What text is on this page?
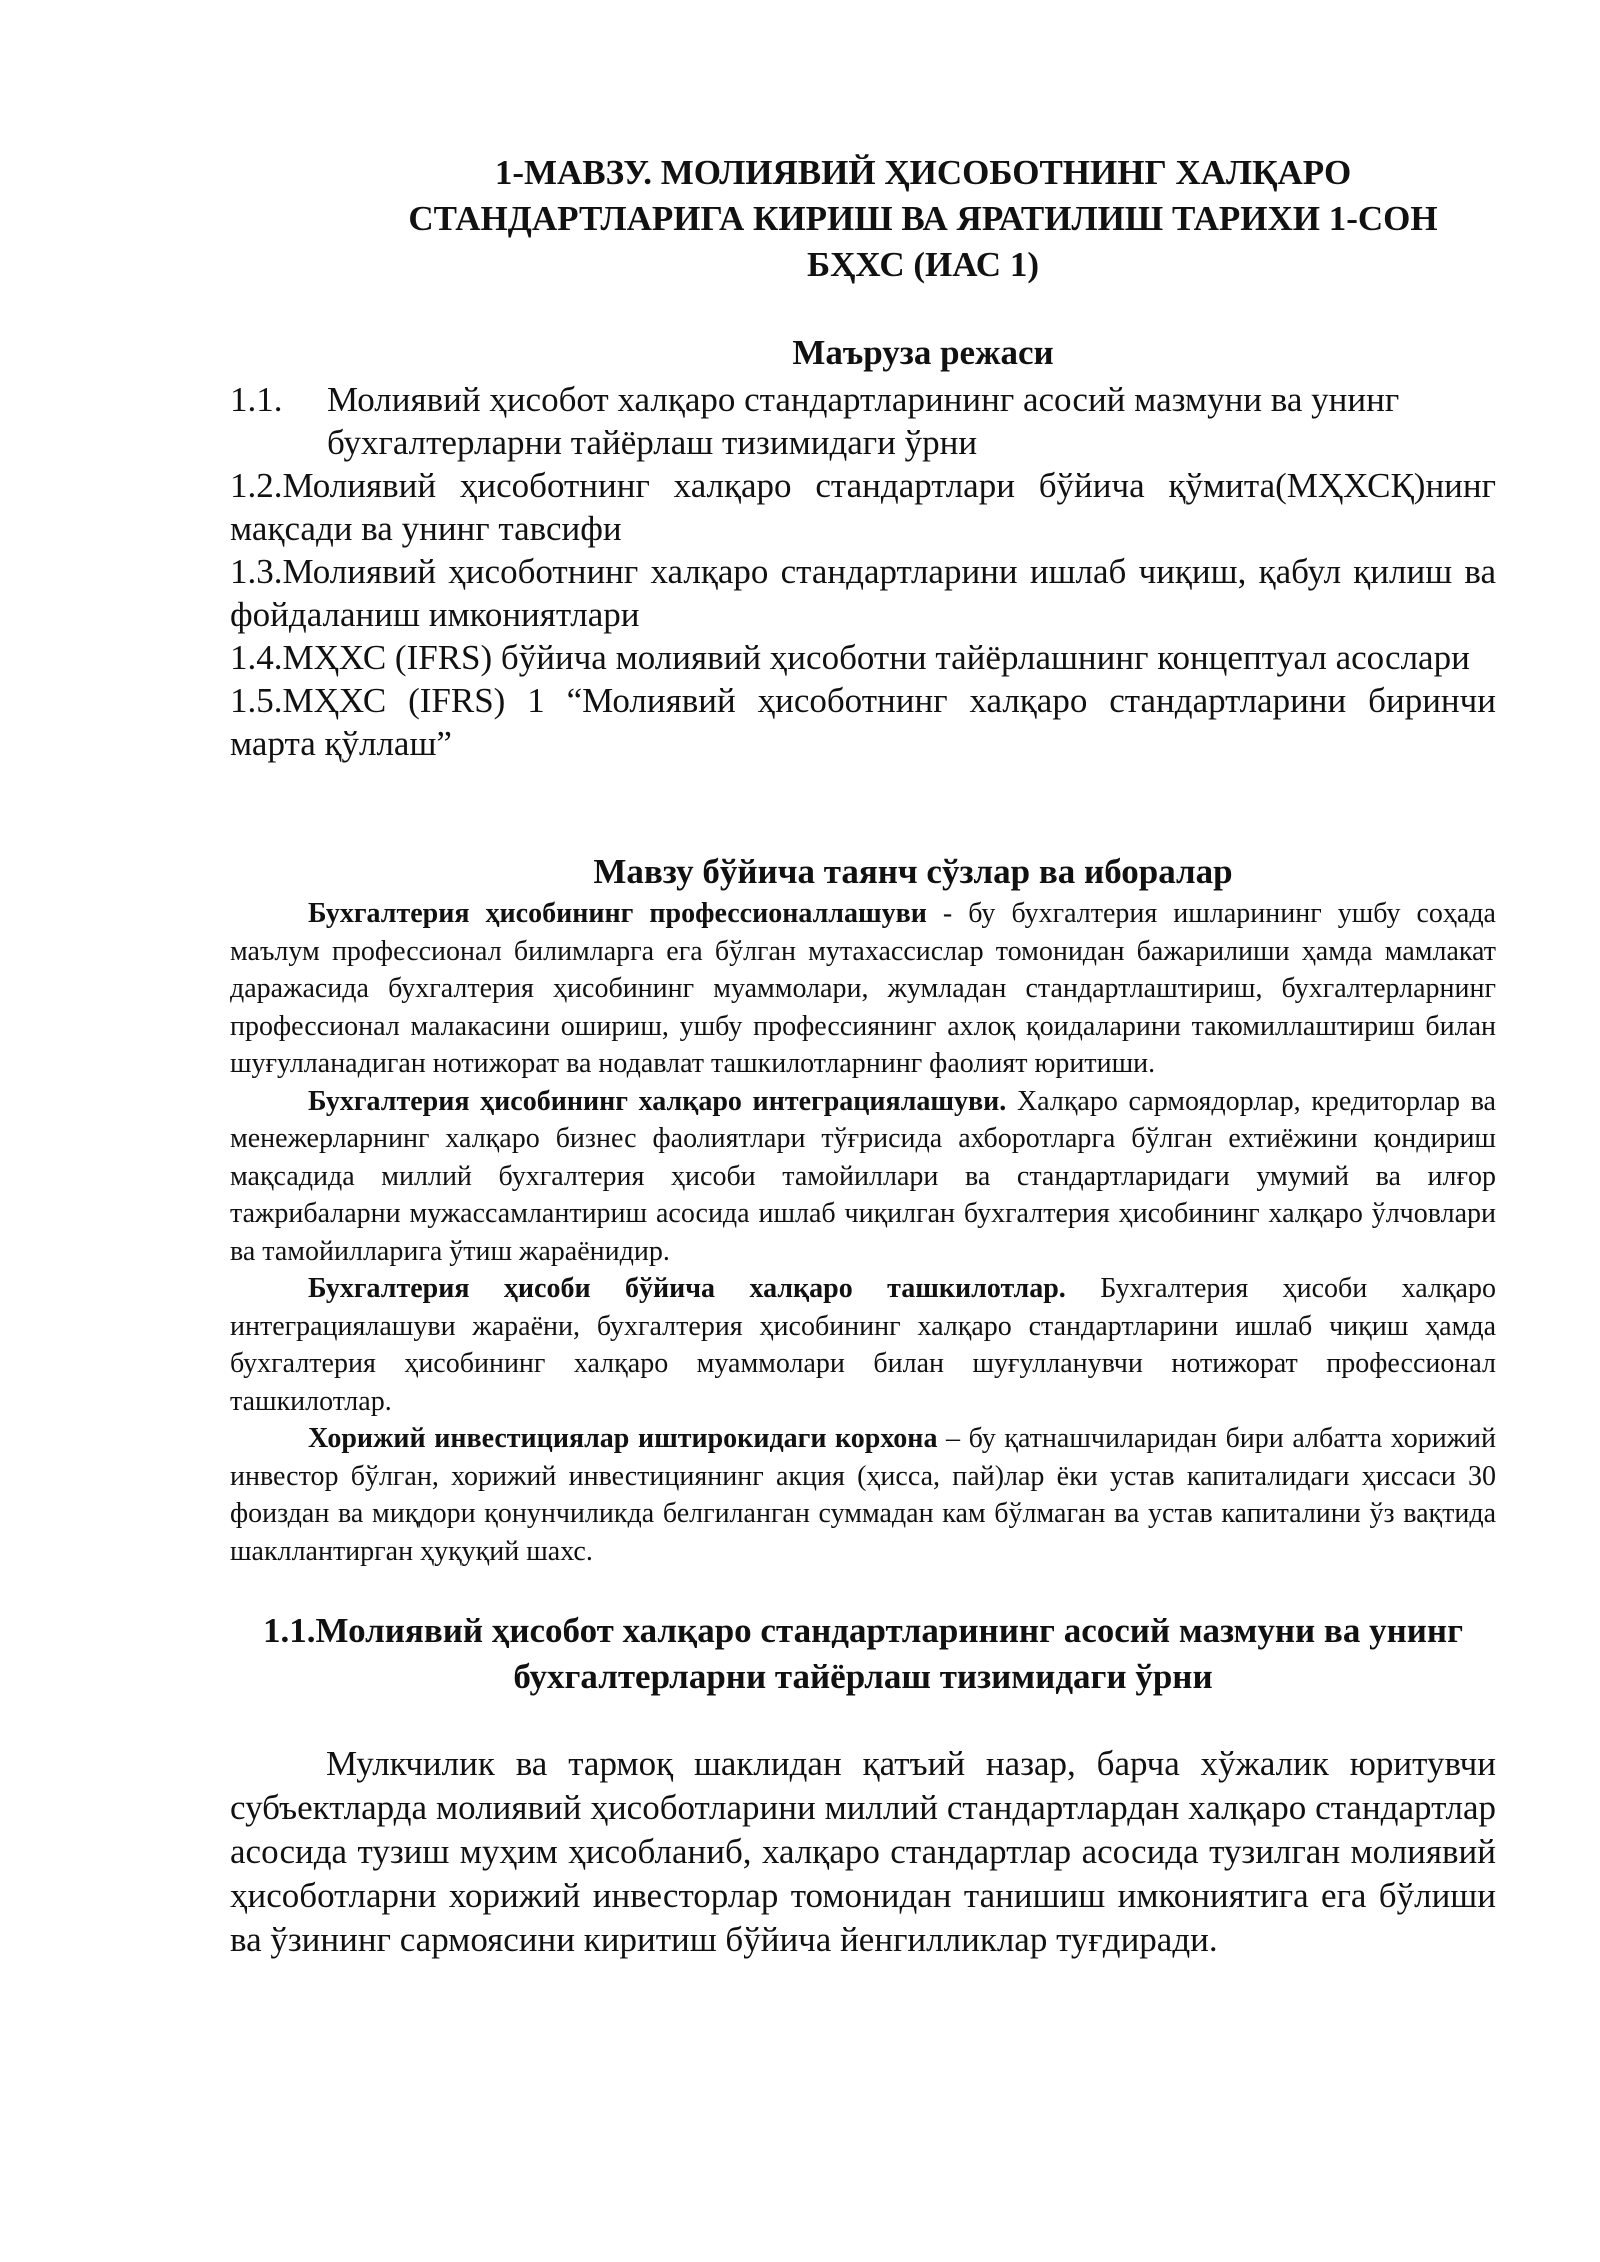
1-МАВЗУ. МОЛИЯВИЙ ҲИСОБОТНИНГ ХАЛҚАРО СТАНДАРТЛАРИГА КИРИШ ВА ЯРАТИЛИШ ТАРИХИ 1-СОН БҲХС (ИАС 1)
Маъруза режаси
1.1.	Молиявий ҳисобот халқаро стандартларининг асосий мазмуни ва унинг бухгалтерларни тайёрлаш тизимидаги ўрни

1.2.Молиявий ҳисоботнинг халқаро стандартлари бўйича қўмита(МҲХСҚ)нинг мақсади ва унинг тавсифи

1.3.Молиявий ҳисоботнинг халқаро стандартларини ишлаб чиқиш, қабул қилиш ва фойдаланиш имкониятлари

1.4.МҲХС (IFRS) бўйича молиявий ҳисоботни тайёрлашнинг концептуал асослари

1.5.МҲХС (IFRS) 1 “Молиявий ҳисоботнинг халқаро стандартларини биринчи марта қўллаш”

Мавзу бўйича таянч сўзлар ва иборалар

Бухгалтерия ҳисобининг профессионаллашуви - бу бухгалтерия ишларининг ушбу соҳада маълум профессионал билимларга ега бўлган мутахассислар томонидан бажарилиши ҳамда мамлакат даражасида бухгалтерия ҳисобининг муаммолари, жумладан стандартлаштириш, бухгалтерларнинг профессионал малакасини ошириш, ушбу профессиянинг ахлоқ қоидаларини такомиллаштириш билан шуғулланадиган нотижорат ва нодавлат ташкилотларнинг фаолият юритиши.

Бухгалтерия ҳисобининг халқаро интеграциялашуви. Халқаро сармоядорлар, кредиторлар ва менежерларнинг халқаро бизнес фаолиятлари тўғрисида ахборотларга бўлган ехтиёжини қондириш мақсадида миллий бухгалтерия ҳисоби тамойиллари ва стандартларидаги умумий ва илғор тажрибаларни мужассамлантириш асосида ишлаб чиқилган бухгалтерия ҳисобининг халқаро ўлчовлари ва тамойилларига ўтиш жараёнидир.

Бухгалтерия ҳисоби бўйича халқаро ташкилотлар. Бухгалтерия ҳисоби халқаро интеграциялашуви жараёни, бухгалтерия ҳисобининг халқаро стандартларини ишлаб чиқиш ҳамда бухгалтерия ҳисобининг халқаро муаммолари билан шуғулланувчи нотижорат профессионал ташкилотлар.

Хорижий инвестициялар иштирокидаги корхона – бу қатнашчиларидан бири албатта хорижий инвестор бўлган, хорижий инвестициянинг акция (ҳисса, пай)лар ёки устав капиталидаги ҳиссаси 30 фоиздан ва миқдори қонунчиликда белгиланган суммадан кам бўлмаган ва устав капиталини ўз вақтида шакллантирган ҳуқуқий шахс.

1.1.Молиявий ҳисобот халқаро стандартларининг асосий мазмуни ва унинг бухгалтерларни тайёрлаш тизимидаги ўрни

Мулкчилик ва тармоқ шаклидан қатъий назар, барча хўжалик юритувчи субъектларда молиявий ҳисоботларини миллий стандартлардан халқаро стандартлар асосида тузиш муҳим ҳисобланиб, халқаро стандартлар асосида тузилган молиявий ҳисоботларни хорижий инвесторлар томонидан танишиш имкониятига ега бўлиши ва ўзининг сармоясини киритиш бўйича йенгилликлар туғдиради.
